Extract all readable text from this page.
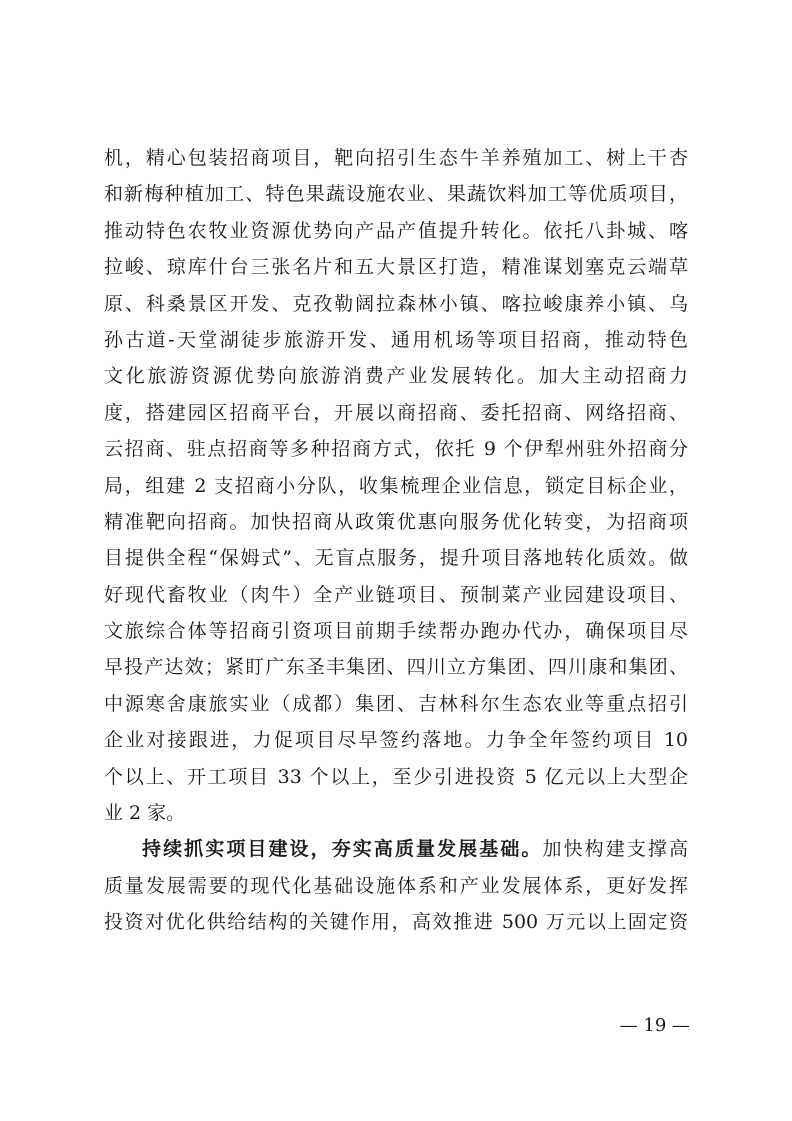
机，精心包装招商项目，靶向招引生态牛羊养殖加工、树上干杏
和新梅种植加工、特色果蔬设施农业、果蔬饮料加工等优质项目，
推动特色农牧业资源优势向产品产值提升转化。依托八卦城、喀
拉峻、琼库什台三张名片和五大景区打造，精准谋划塞克云端草
原、科桑景区开发、克孜勒阔拉森林小镇、喀拉峻康养小镇、乌
孙古道-天堂湖徒步旅游开发、通用机场等项目招商，推动特色
文化旅游资源优势向旅游消费产业发展转化。加大主动招商力
度，搭建园区招商平台，开展以商招商、委托招商、网络招商、
云招商、驻点招商等多种招商方式，依托 9 个伊犁州驻外招商分
局，组建 2 支招商小分队，收集梳理企业信息，锁定目标企业，
精准靶向招商。加快招商从政策优惠向服务优化转变，为招商项
目提供全程“保姆式”、无盲点服务，提升项目落地转化质效。做
好现代畜牧业（肉牛）全产业链项目、预制菜产业园建设项目、
文旅综合体等招商引资项目前期手续帮办跑办代办，确保项目尽
早投产达效；紧盯广东圣丰集团、四川立方集团、四川康和集团、
中源寒舍康旅实业（成都）集团、吉林科尔生态农业等重点招引
企业对接跟进，力促项目尽早签约落地。力争全年签约项目 10
个以上、开工项目 33 个以上，至少引进投资 5 亿元以上大型企
业 2 家。
持续抓实项目建设，夯实高质量发展基础。加快构建支撑高
质量发展需要的现代化基础设施体系和产业发展体系，更好发挥
投资对优化供给结构的关键作用，高效推进 500 万元以上固定资
— 19 —
